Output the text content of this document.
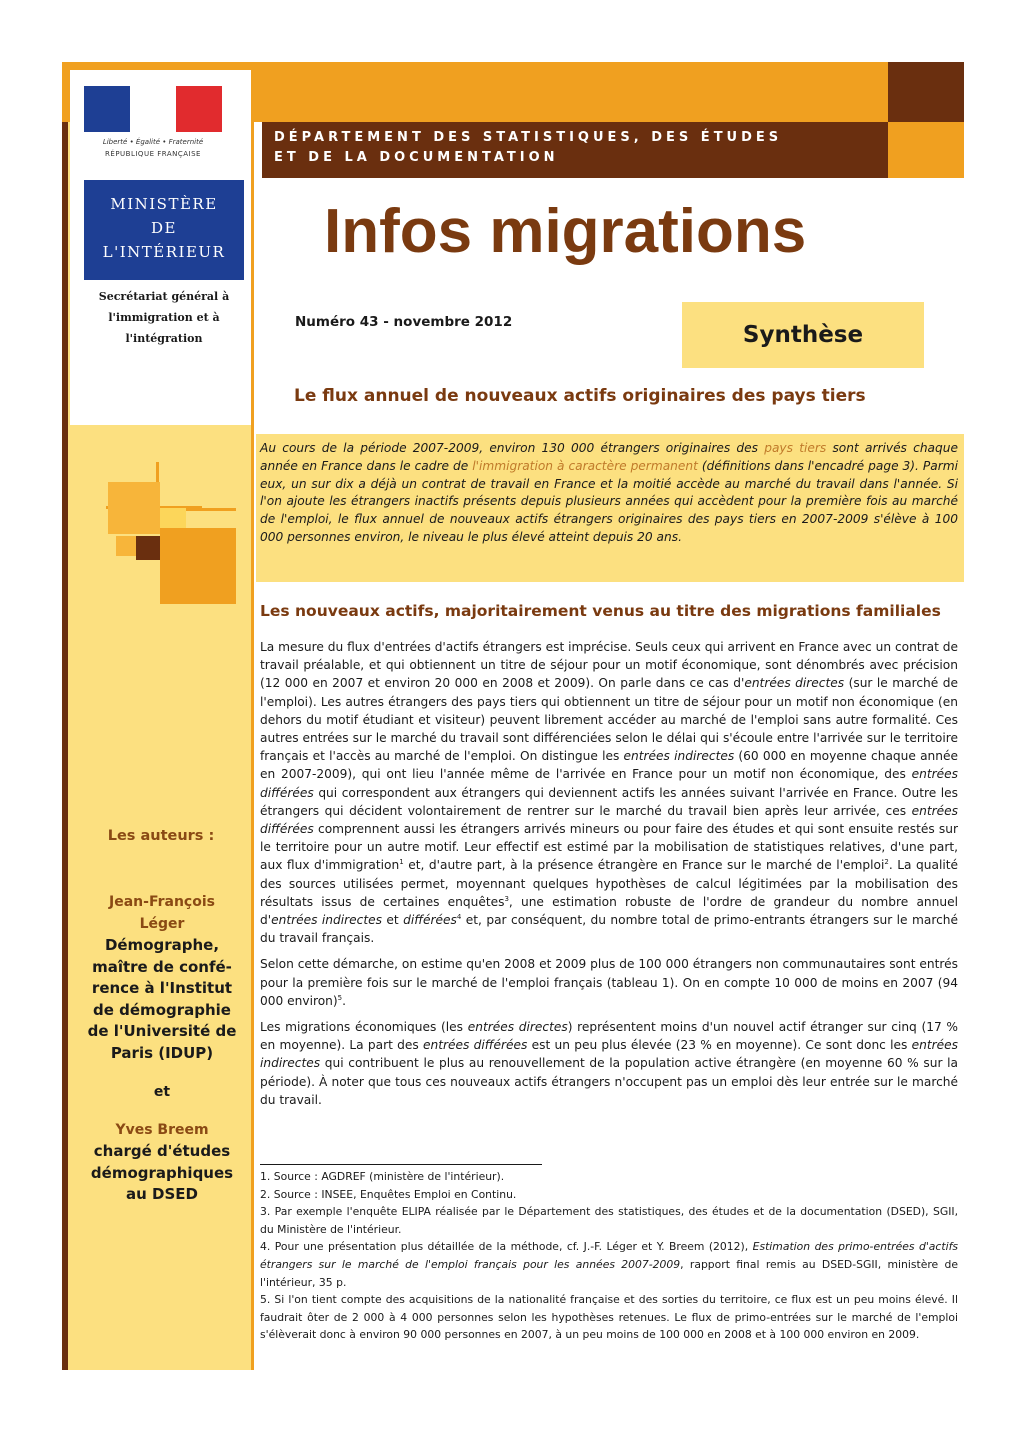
DÉPARTEMENT DES STATISTIQUES, DES ÉTUDES
ET DE LA DOCUMENTATION
Liberté • Égalité • Fraternité
RÉPUBLIQUE FRANÇAISE
MINISTÈRE
DE
L'INTÉRIEUR
Secrétariat général à
l'immigration et à
l'intégration
Les auteurs :
Jean-François
Léger
Démographe,
maître de confé-
rence à l'Institut
de démographie
de l'Université de
Paris (IDUP)
et
Yves Breem
chargé d'études
démographiques
au DSED
Infos migrations
Numéro 43 - novembre 2012	Synthèse
Le flux annuel de nouveaux actifs originaires des pays tiers

Au cours de la période 2007-2009, environ 130 000 étrangers originaires des pays tiers sont arrivés chaque année en France dans le cadre de l'immigration à caractère permanent (définitions dans l'encadré page 3). Parmi eux, un sur dix a déjà un contrat de travail en France et la moitié accède au marché du travail dans l'année. Si l'on ajoute les étrangers inactifs présents depuis plusieurs années qui accèdent pour la première fois au marché de l'emploi, le flux annuel de nouveaux actifs étrangers originaires des pays tiers en 2007-2009 s'élève à 100 000 personnes environ, le niveau le plus élevé atteint depuis 20 ans.

Les nouveaux actifs, majoritairement venus au titre des migrations familiales

La mesure du flux d'entrées d'actifs étrangers est imprécise. Seuls ceux qui arrivent en France avec un contrat de travail préalable, et qui obtiennent un titre de séjour pour un motif économique, sont dénombrés avec précision (12 000 en 2007 et environ 20 000 en 2008 et 2009). On parle dans ce cas d'entrées directes (sur le marché de l'emploi). Les autres étrangers des pays tiers qui obtiennent un titre de séjour pour un motif non économique (en dehors du motif étudiant et visiteur) peuvent librement accéder au marché de l'emploi sans autre formalité. Ces autres entrées sur le marché du travail sont différenciées selon le délai qui s'écoule entre l'arrivée sur le territoire français et l'accès au marché de l'emploi. On distingue les entrées indirectes (60 000 en moyenne chaque année en 2007-2009), qui ont lieu l'année même de l'arrivée en France pour un motif non économique, des entrées différées qui correspondent aux étrangers qui deviennent actifs les années suivant l'arrivée en France. Outre les étrangers qui décident volontairement de rentrer sur le marché du travail bien après leur arrivée, ces entrées différées comprennent aussi les étrangers arrivés mineurs ou pour faire des études et qui sont ensuite restés sur le territoire pour un autre motif. Leur effectif est estimé par la mobilisation de statistiques relatives, d'une part, aux flux d'immigration$^1$ et, d'autre part, à la présence étrangère en France sur le marché de l'emploi$^2$. La qualité des sources utilisées permet, moyennant quelques hypothèses de calcul légitimées par la mobilisation des résultats issus de certaines enquêtes$^3$, une estimation robuste de l'ordre de grandeur du nombre annuel d'entrées indirectes et différées$^4$ et, par conséquent, du nombre total de primo-entrants étrangers sur le marché du travail français.

Selon cette démarche, on estime qu'en 2008 et 2009 plus de 100 000 étrangers non communautaires sont entrés pour la première fois sur le marché de l'emploi français (tableau 1). On en compte 10 000 de moins en 2007 (94 000 environ)$^5$.

Les migrations économiques (les entrées directes) représentent moins d'un nouvel actif étranger sur cinq (17 % en moyenne). La part des entrées différées est un peu plus élevée (23 % en moyenne). Ce sont donc les entrées indirectes qui contribuent le plus au renouvellement de la population active étrangère (en moyenne 60 % sur la période). À noter que tous ces nouveaux actifs étrangers n'occupent pas un emploi dès leur entrée sur le marché du travail.

1. Source : AGDREF (ministère de l'intérieur).
2. Source : INSEE, Enquêtes Emploi en Continu.
3. Par exemple l'enquête ELIPA réalisée par le Département des statistiques, des études et de la documentation (DSED), SGII, du Ministère de l'intérieur.
4. Pour une présentation plus détaillée de la méthode, cf. J.-F. Léger et Y. Breem (2012), Estimation des primo-entrées d'actifs étrangers sur le marché de l'emploi français pour les années 2007-2009, rapport final remis au DSED-SGII, ministère de l'intérieur, 35 p.
5. Si l'on tient compte des acquisitions de la nationalité française et des sorties du territoire, ce flux est un peu moins élevé. Il faudrait ôter de 2 000 à 4 000 personnes selon les hypothèses retenues. Le flux de primo-entrées sur le marché de l'emploi s'élèverait donc à environ 90 000 personnes en 2007, à un peu moins de 100 000 en 2008 et à 100 000 environ en 2009.
